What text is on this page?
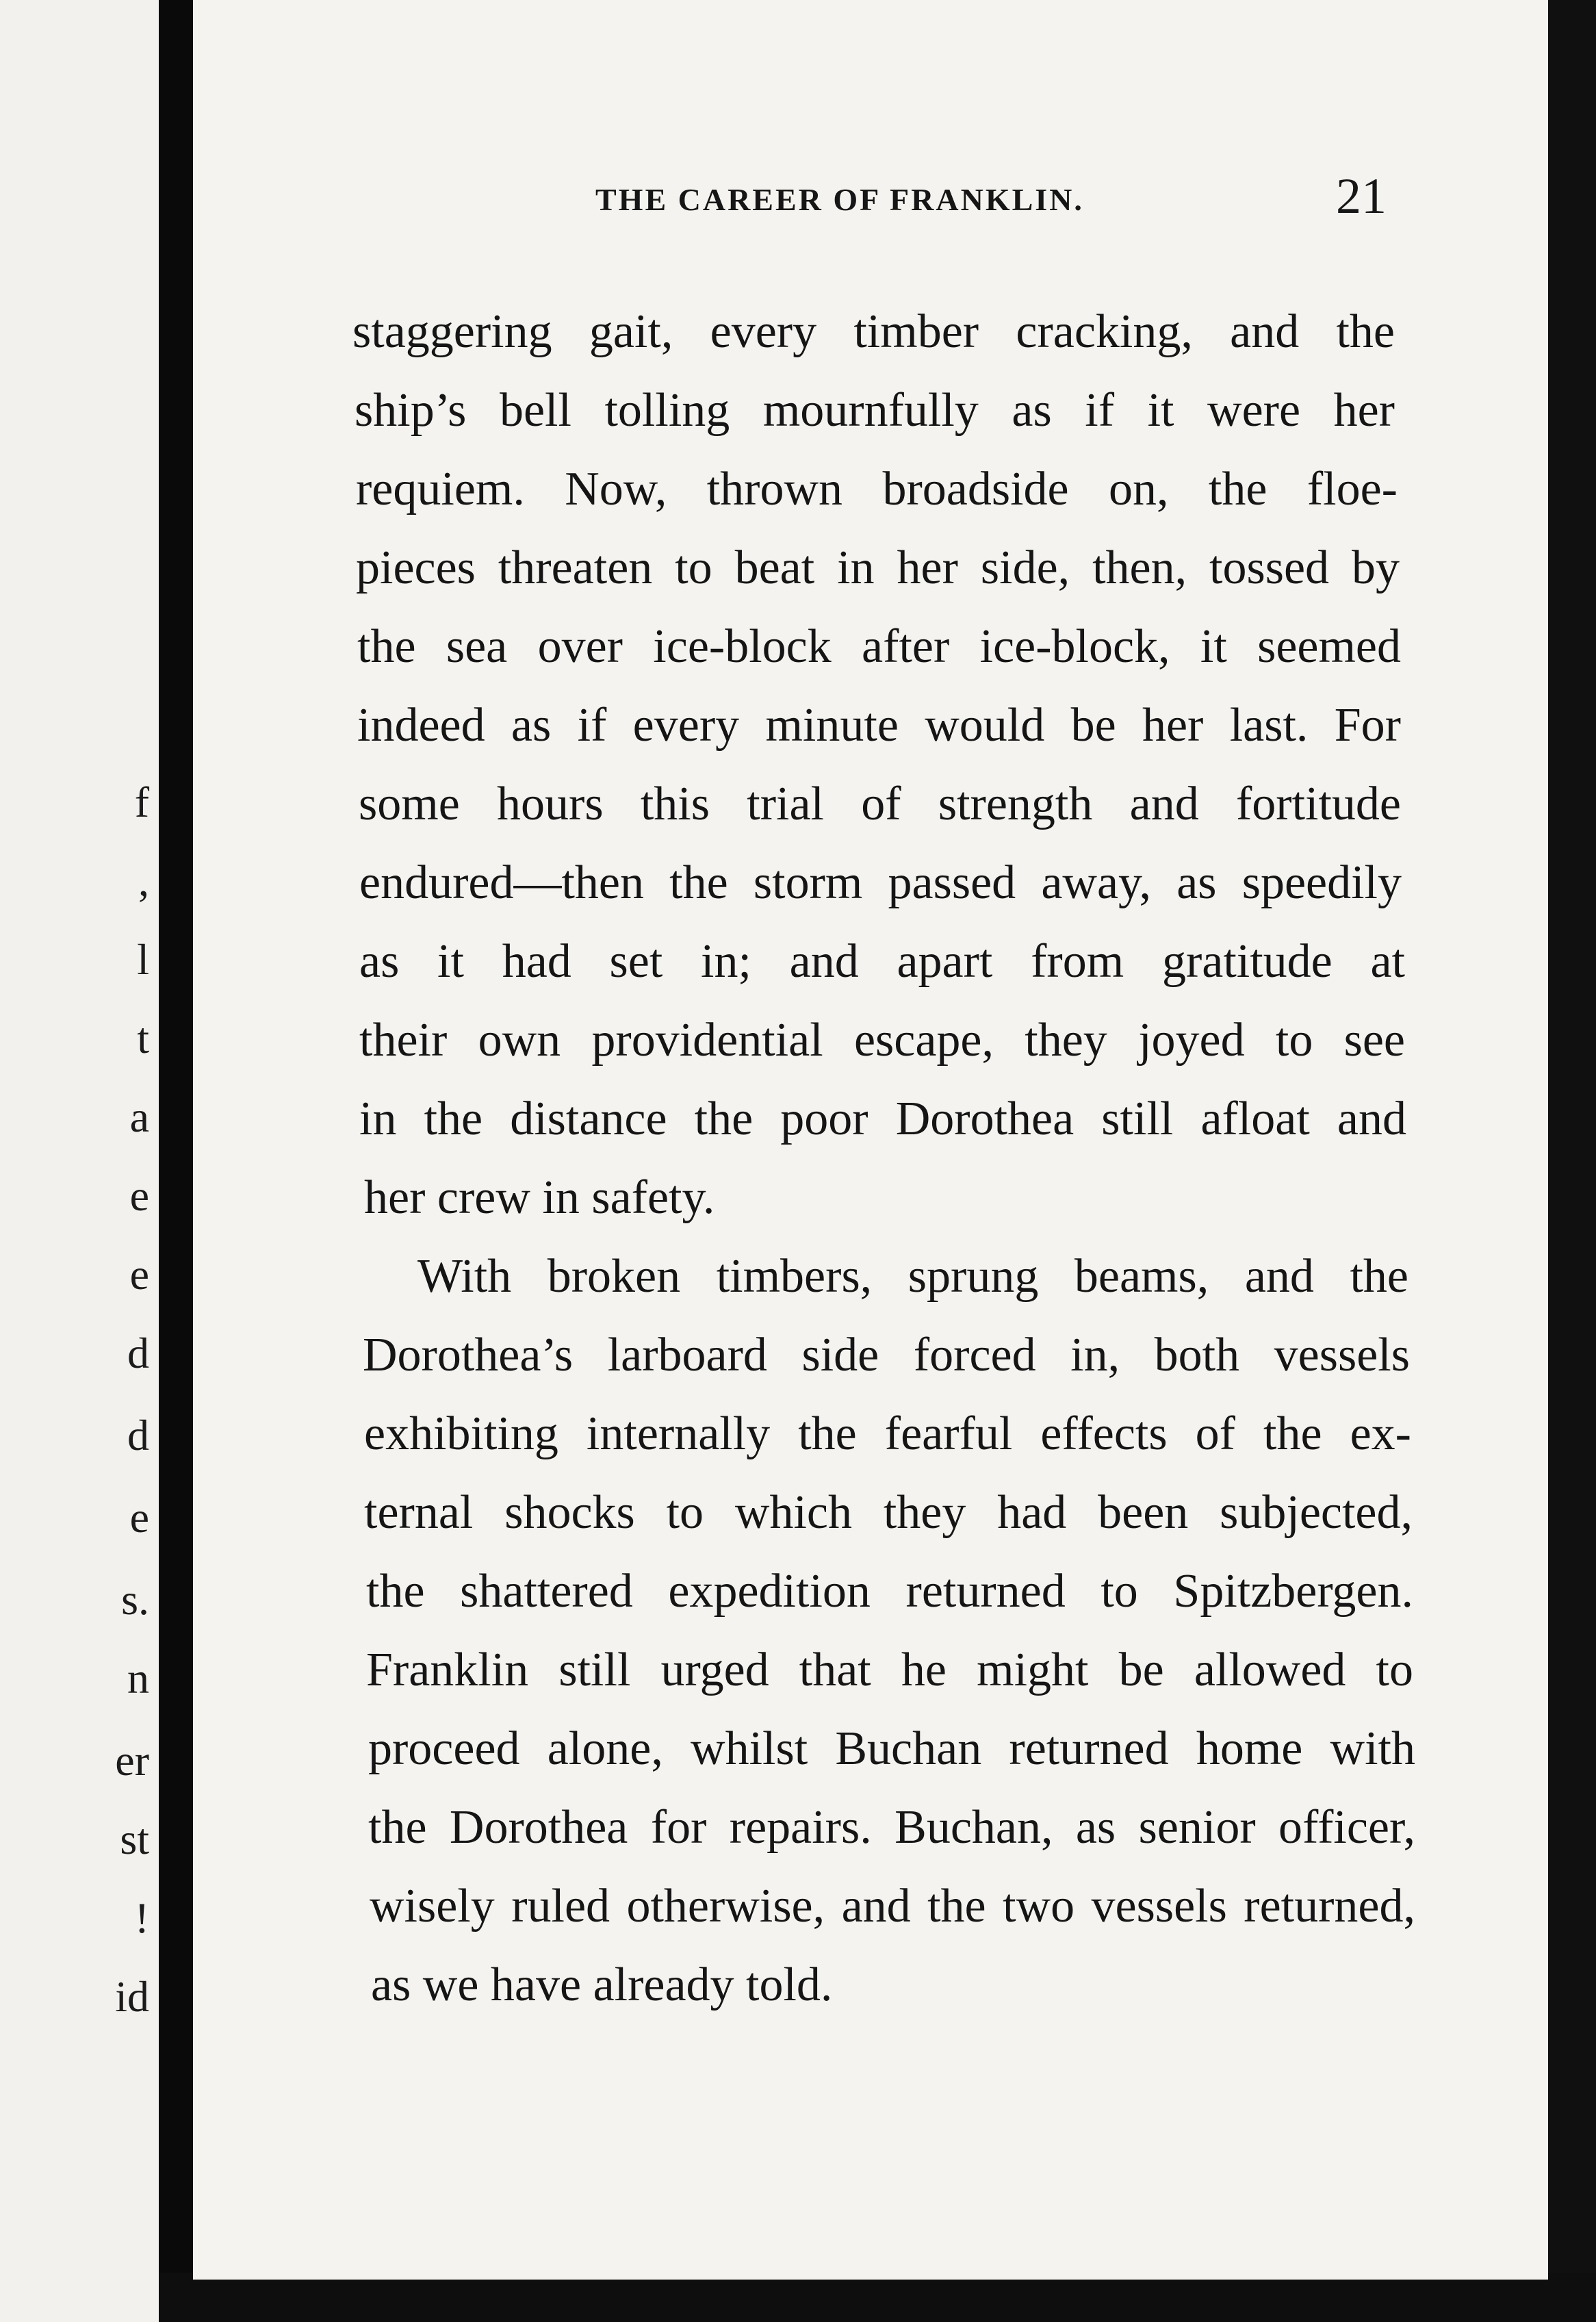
f
,
l
t
a
e
e
d
d
e
s.
n
er
st
!
id
THE CAREER OF FRANKLIN.	21
staggering gait, every timber cracking, and the
ship’s bell tolling mournfully as if it were her
requiem. Now, thrown broadside on, the floe-
pieces threaten to beat in her side, then, tossed by
the sea over ice-block after ice-block, it seemed
indeed as if every minute would be her last. For
some hours this trial of strength and fortitude
endured—then the storm passed away, as speedily
as it had set in; and apart from gratitude at
their own providential escape, they joyed to see
in the distance the poor Dorothea still afloat and
her crew in safety.
With broken timbers, sprung beams, and the
Dorothea’s larboard side forced in, both vessels
exhibiting internally the fearful effects of the ex-
ternal shocks to which they had been subjected,
the shattered expedition returned to Spitzbergen.
Franklin still urged that he might be allowed to
proceed alone, whilst Buchan returned home with
the Dorothea for repairs. Buchan, as senior officer,
wisely ruled otherwise, and the two vessels returned,
as we have already told.
